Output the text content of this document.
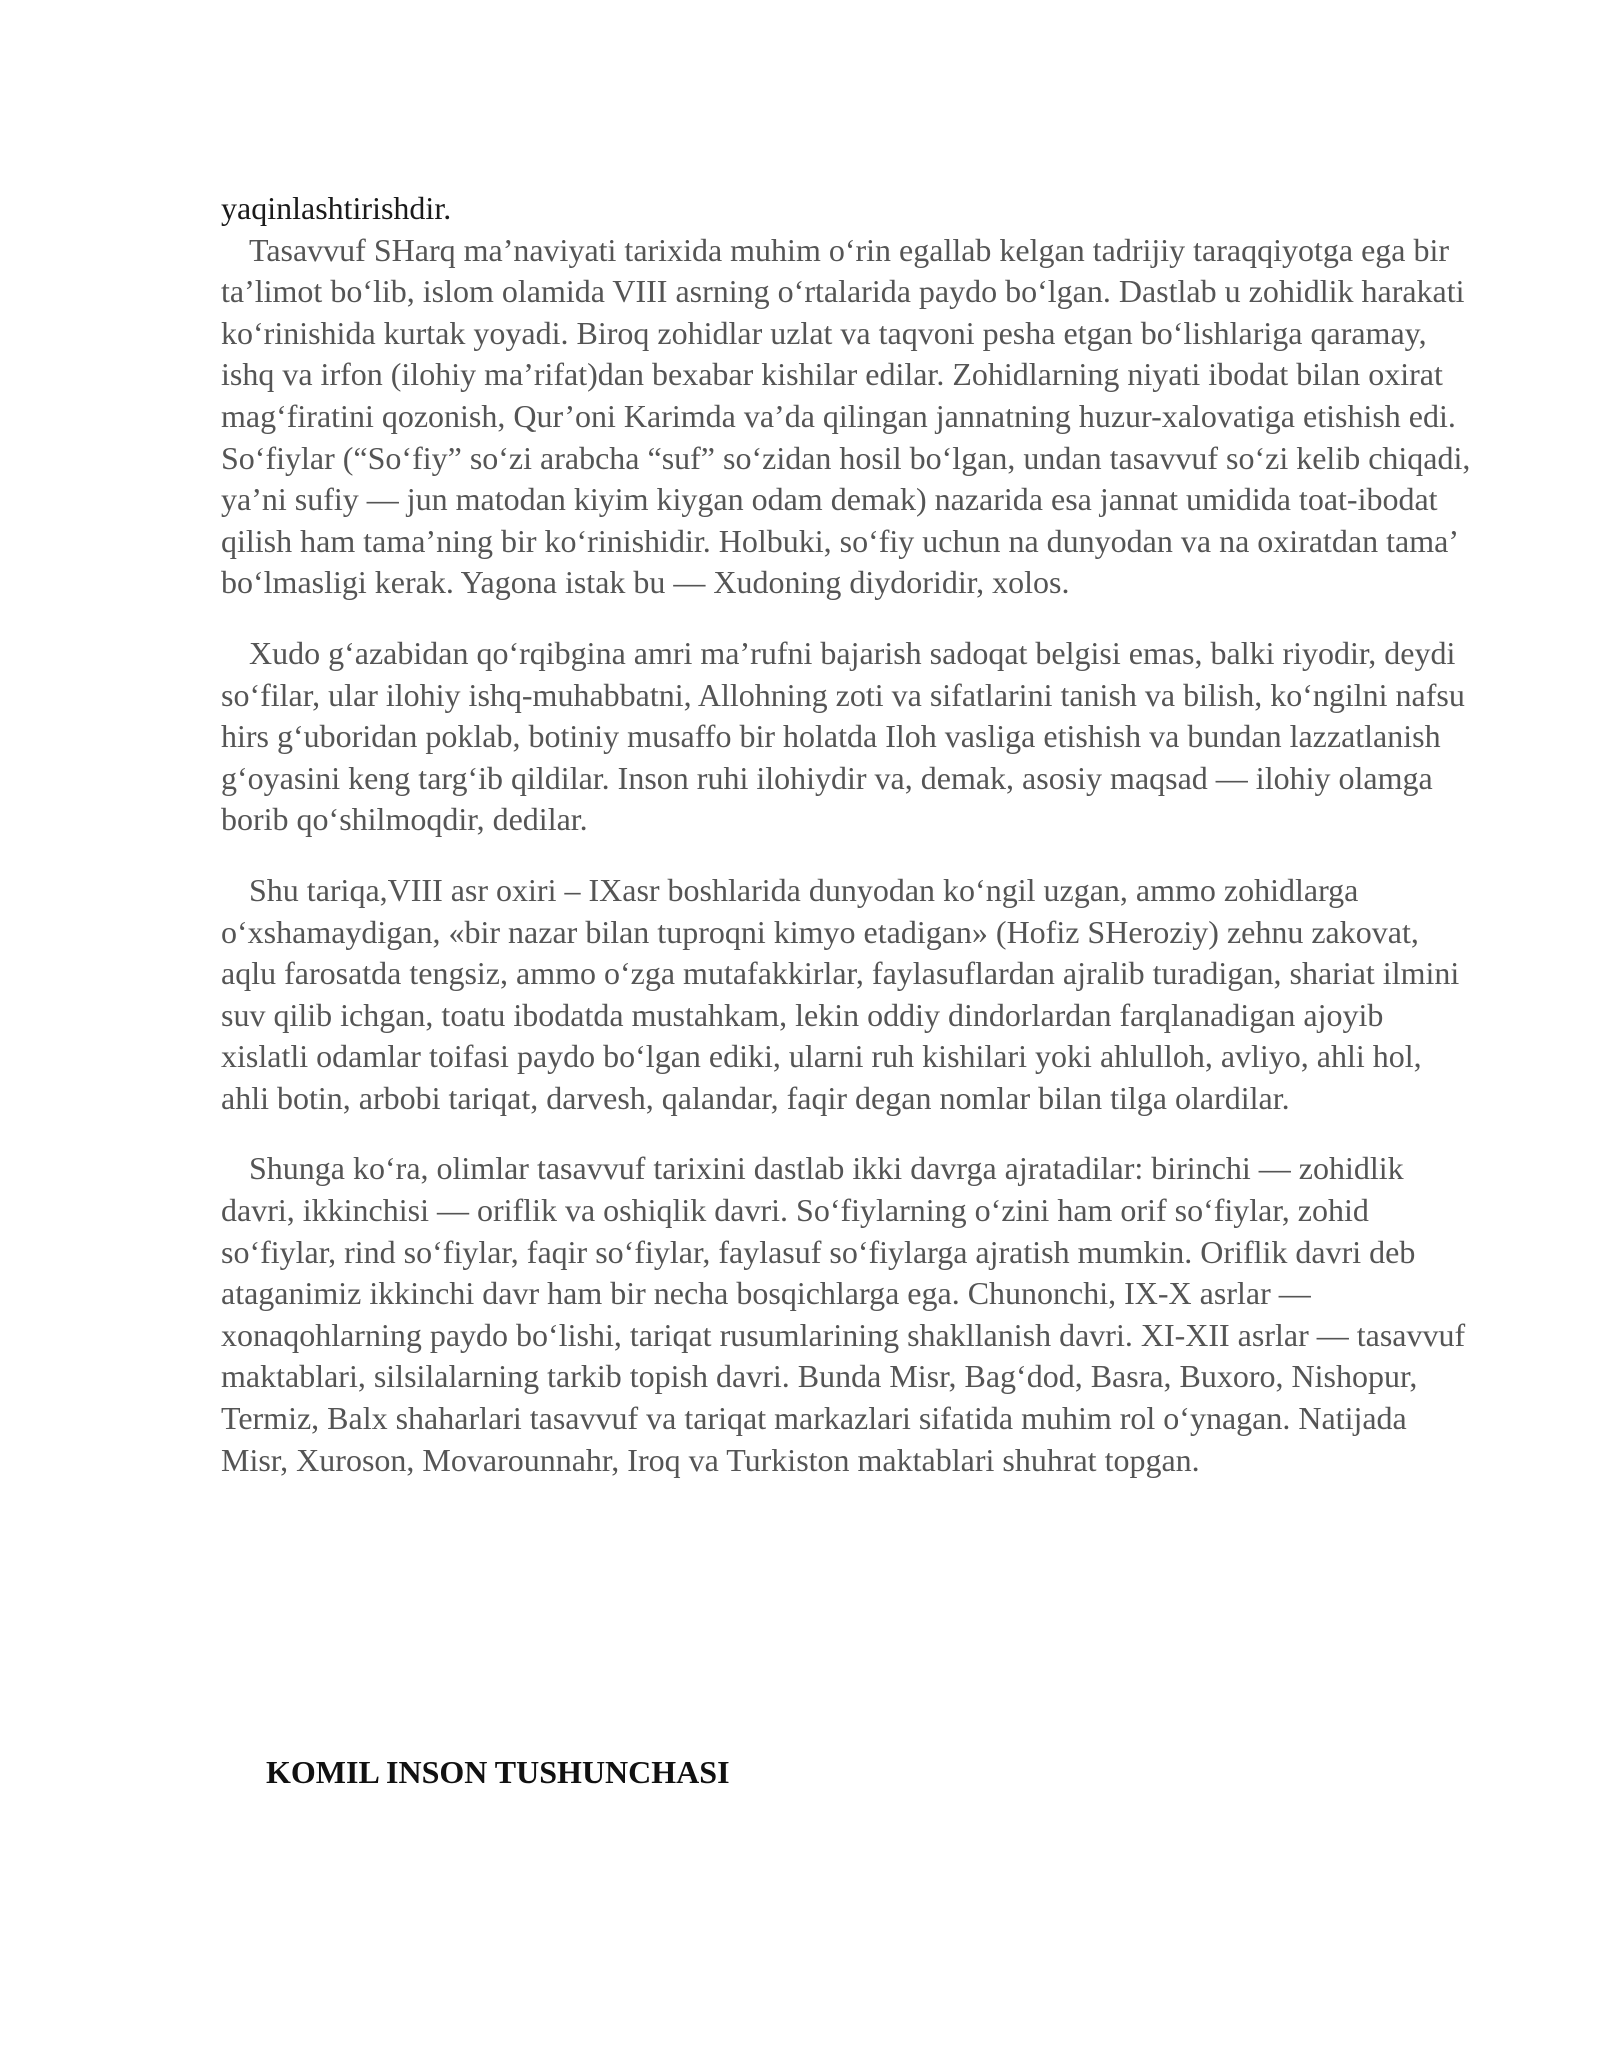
yaqinlashtirishdir.

Tasavvuf SHarq ma’naviyati tarixida muhim o‘rin egallab kelgan tadrijiy taraqqiyotga ega bir ta’limot bo‘lib, islom olamida VIII asrning o‘rtalarida paydo bo‘lgan. Dastlab u zohidlik harakati ko‘rinishida kurtak yoyadi. Biroq zohidlar uzlat va taqvoni pesha etgan bo‘lishlariga qaramay, ishq va irfon (ilohiy ma’rifat)dan bexabar kishilar edilar. Zohidlarning niyati ibodat bilan oxirat mag‘firatini qozonish, Qur’oni Karimda va’da qilingan jannatning huzur-xalovatiga etishish edi. So‘fiylar (“So‘fiy” so‘zi arabcha “suf” so‘zidan hosil bo‘lgan, undan tasavvuf so‘zi kelib chiqadi, ya’ni sufiy — jun matodan kiyim kiygan odam demak) nazarida esa jannat umidida toat-ibodat qilish ham tama’ning bir ko‘rinishidir. Holbuki, so‘fiy uchun na dunyodan va na oxiratdan tama’ bo‘lmasligi kerak. Yagona istak bu — Xudoning diydoridir, xolos.

Xudo g‘azabidan qo‘rqibgina amri ma’rufni bajarish sadoqat belgisi emas, balki riyodir, deydi so‘filar, ular ilohiy ishq-muhabbatni, Allohning zoti va sifatlarini tanish va bilish, ko‘ngilni nafsu hirs g‘uboridan poklab, botiniy musaffo bir holatda Iloh vasliga etishish va bundan lazzatlanish g‘oyasini keng targ‘ib qildilar. Inson ruhi ilohiydir va, demak, asosiy maqsad — ilohiy olamga borib qo‘shilmoqdir, dedilar.

Shu tariqa,VIII asr oxiri – IXasr boshlarida dunyodan ko‘ngil uzgan, ammo zohidlarga o‘xshamaydigan, «bir nazar bilan tuproqni kimyo etadigan» (Hofiz SHeroziy) zehnu zakovat, aqlu farosatda tengsiz, ammo o‘zga mutafakkirlar, faylasuflardan ajralib turadigan, shariat ilmini suv qilib ichgan, toatu ibodatda mustahkam, lekin oddiy dindorlardan farqlanadigan ajoyib xislatli odamlar toifasi paydo bo‘lgan ediki, ularni ruh kishilari yoki ahlulloh, avliyo, ahli hol, ahli botin, arbobi tariqat, darvesh, qalandar, faqir degan nomlar bilan tilga olardilar.

Shunga ko‘ra, olimlar tasavvuf tarixini dastlab ikki davrga ajratadilar: birinchi — zohidlik davri, ikkinchisi — oriflik va oshiqlik davri. So‘fiylarning o‘zini ham orif so‘fiylar, zohid so‘fiylar, rind so‘fiylar, faqir so‘fiylar, faylasuf so‘fiylarga ajratish mumkin. Oriflik davri deb ataganimiz ikkinchi davr ham bir necha bosqichlarga ega. Chunonchi, IX-X asrlar — xonaqohlarning paydo bo‘lishi, tariqat rusumlarining shakllanish davri. XI-XII asrlar — tasavvuf maktablari, silsilalarning tarkib topish davri. Bunda Misr, Bag‘dod, Basra, Buxoro, Nishopur, Termiz, Balx shaharlari tasavvuf va tariqat markazlari sifatida muhim rol o‘ynagan. Natijada Misr, Xuroson, Movarounnahr, Iroq va Turkiston maktablari shuhrat topgan.

KOMIL INSON TUSHUNCHASI
